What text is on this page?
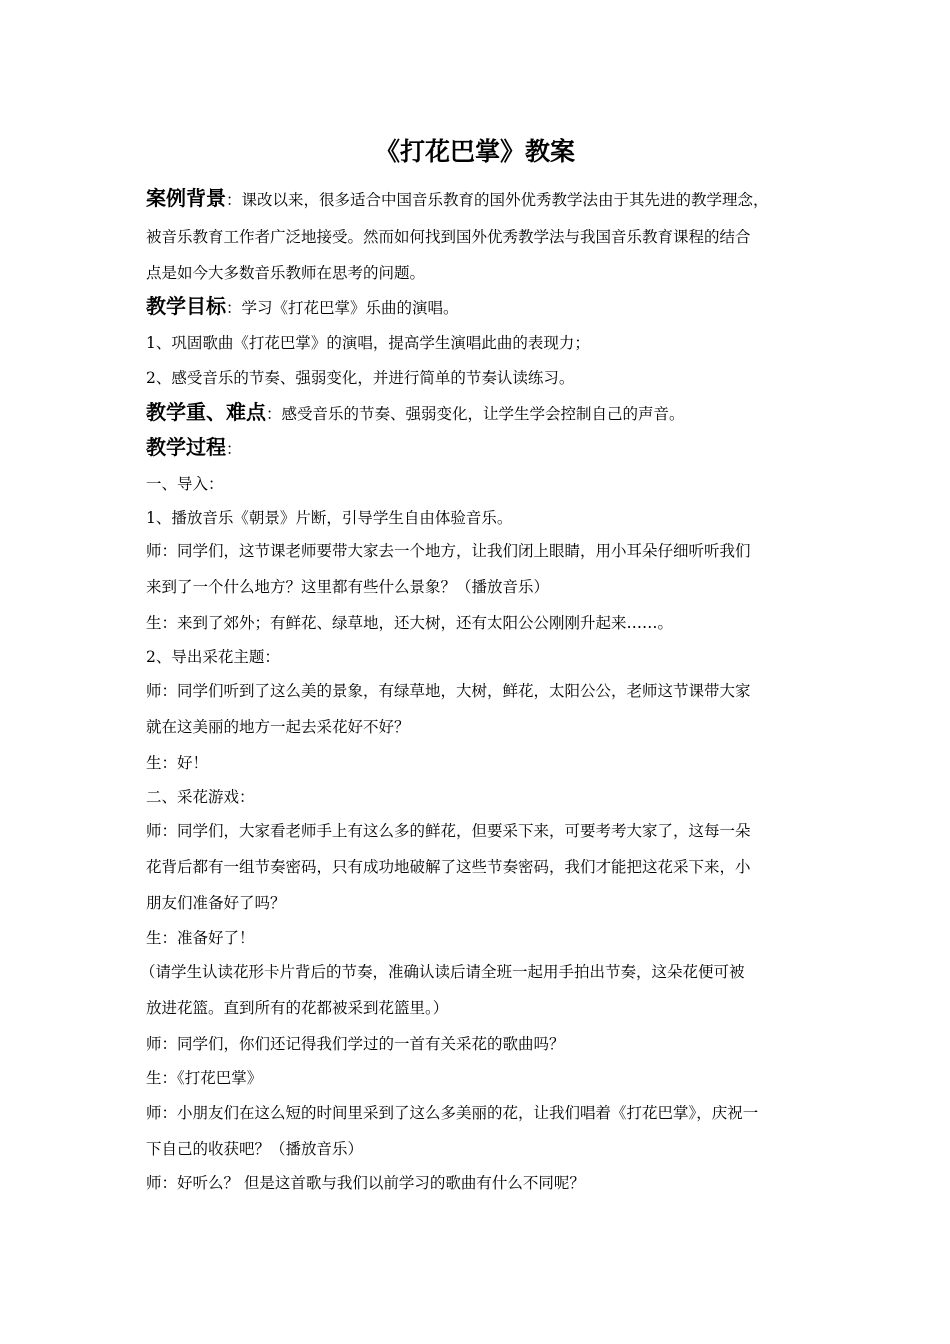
《打花巴掌》教案
案例背景：课改以来，很多适合中国音乐教育的国外优秀教学法由于其先进的教学理念，
被音乐教育工作者广泛地接受。然而如何找到国外优秀教学法与我国音乐教育课程的结合
点是如今大多数音乐教师在思考的问题。
教学目标：学习《打花巴掌》乐曲的演唱。
1、巩固歌曲《打花巴掌》的演唱，提高学生演唱此曲的表现力；
2、感受音乐的节奏、强弱变化，并进行简单的节奏认读练习。
教学重、难点：感受音乐的节奏、强弱变化，让学生学会控制自己的声音。
教学过程：
一、导入：
1、播放音乐《朝景》片断，引导学生自由体验音乐。
师：同学们，这节课老师要带大家去一个地方，让我们闭上眼睛，用小耳朵仔细听听我们
来到了一个什么地方？这里都有些什么景象？（播放音乐）
生：来到了郊外；有鲜花、绿草地，还大树，还有太阳公公刚刚升起来……。
2、导出采花主题：
师：同学们听到了这么美的景象，有绿草地，大树，鲜花，太阳公公，老师这节课带大家
就在这美丽的地方一起去采花好不好？
生：好！
二、采花游戏：
师：同学们，大家看老师手上有这么多的鲜花，但要采下来，可要考考大家了，这每一朵
花背后都有一组节奏密码，只有成功地破解了这些节奏密码，我们才能把这花采下来，小
朋友们准备好了吗？
生：准备好了！
（请学生认读花形卡片背后的节奏，准确认读后请全班一起用手拍出节奏，这朵花便可被
放进花篮。直到所有的花都被采到花篮里。）
师：同学们，你们还记得我们学过的一首有关采花的歌曲吗？
生：《打花巴掌》
师：小朋友们在这么短的时间里采到了这么多美丽的花，让我们唱着《打花巴掌》，庆祝一
下自己的收获吧？（播放音乐）
师：好听么？ 但是这首歌与我们以前学习的歌曲有什么不同呢？
